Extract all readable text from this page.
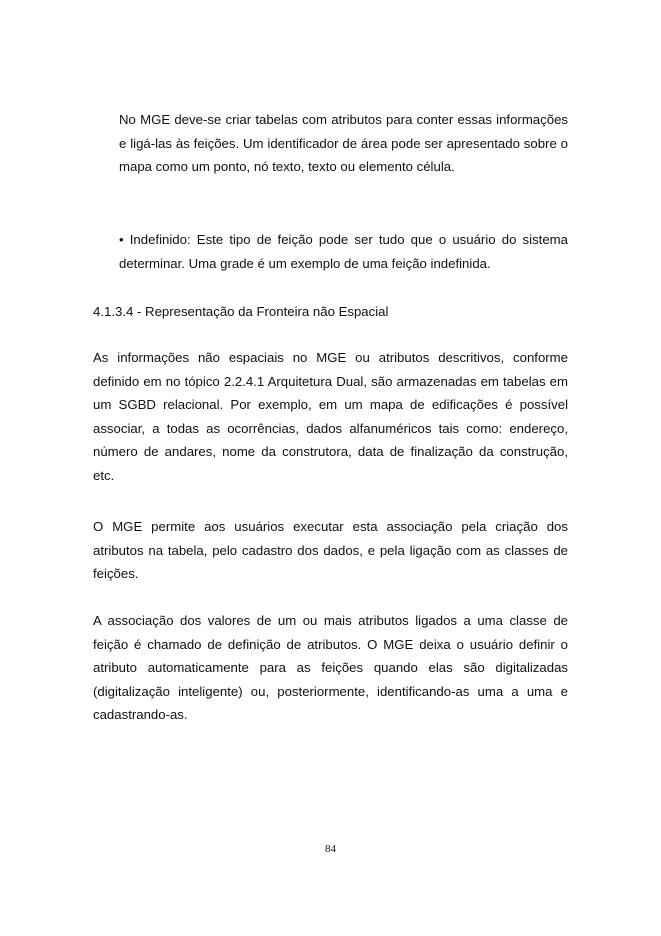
No MGE deve-se criar tabelas com atributos para conter essas informações e ligá-las às feições. Um identificador de área pode ser apresentado sobre o mapa como um ponto, nó texto, texto ou elemento célula.

• Indefinido: Este tipo de feição pode ser tudo que o usuário do sistema determinar. Uma grade é um exemplo de uma feição indefinida.

4.1.3.4 - Representação da Fronteira não Espacial

As informações não espaciais no MGE ou atributos descritivos, conforme definido em no tópico 2.2.4.1 Arquitetura Dual, são armazenadas em tabelas em um SGBD relacional. Por exemplo, em um mapa de edificações é possível associar, a todas as ocorrências, dados alfanuméricos tais como: endereço, número de andares, nome da construtora, data de finalização da construção, etc.

O MGE permite aos usuários executar esta associação pela criação dos atributos na tabela, pelo cadastro dos dados, e pela ligação com as classes de feições.

A associação dos valores de um ou mais atributos ligados a uma classe de feição é chamado de definição de atributos. O MGE deixa o usuário definir o atributo automaticamente para as feições quando elas são digitalizadas (digitalização inteligente) ou, posteriormente, identificando-as uma a uma e cadastrando-as.

84
